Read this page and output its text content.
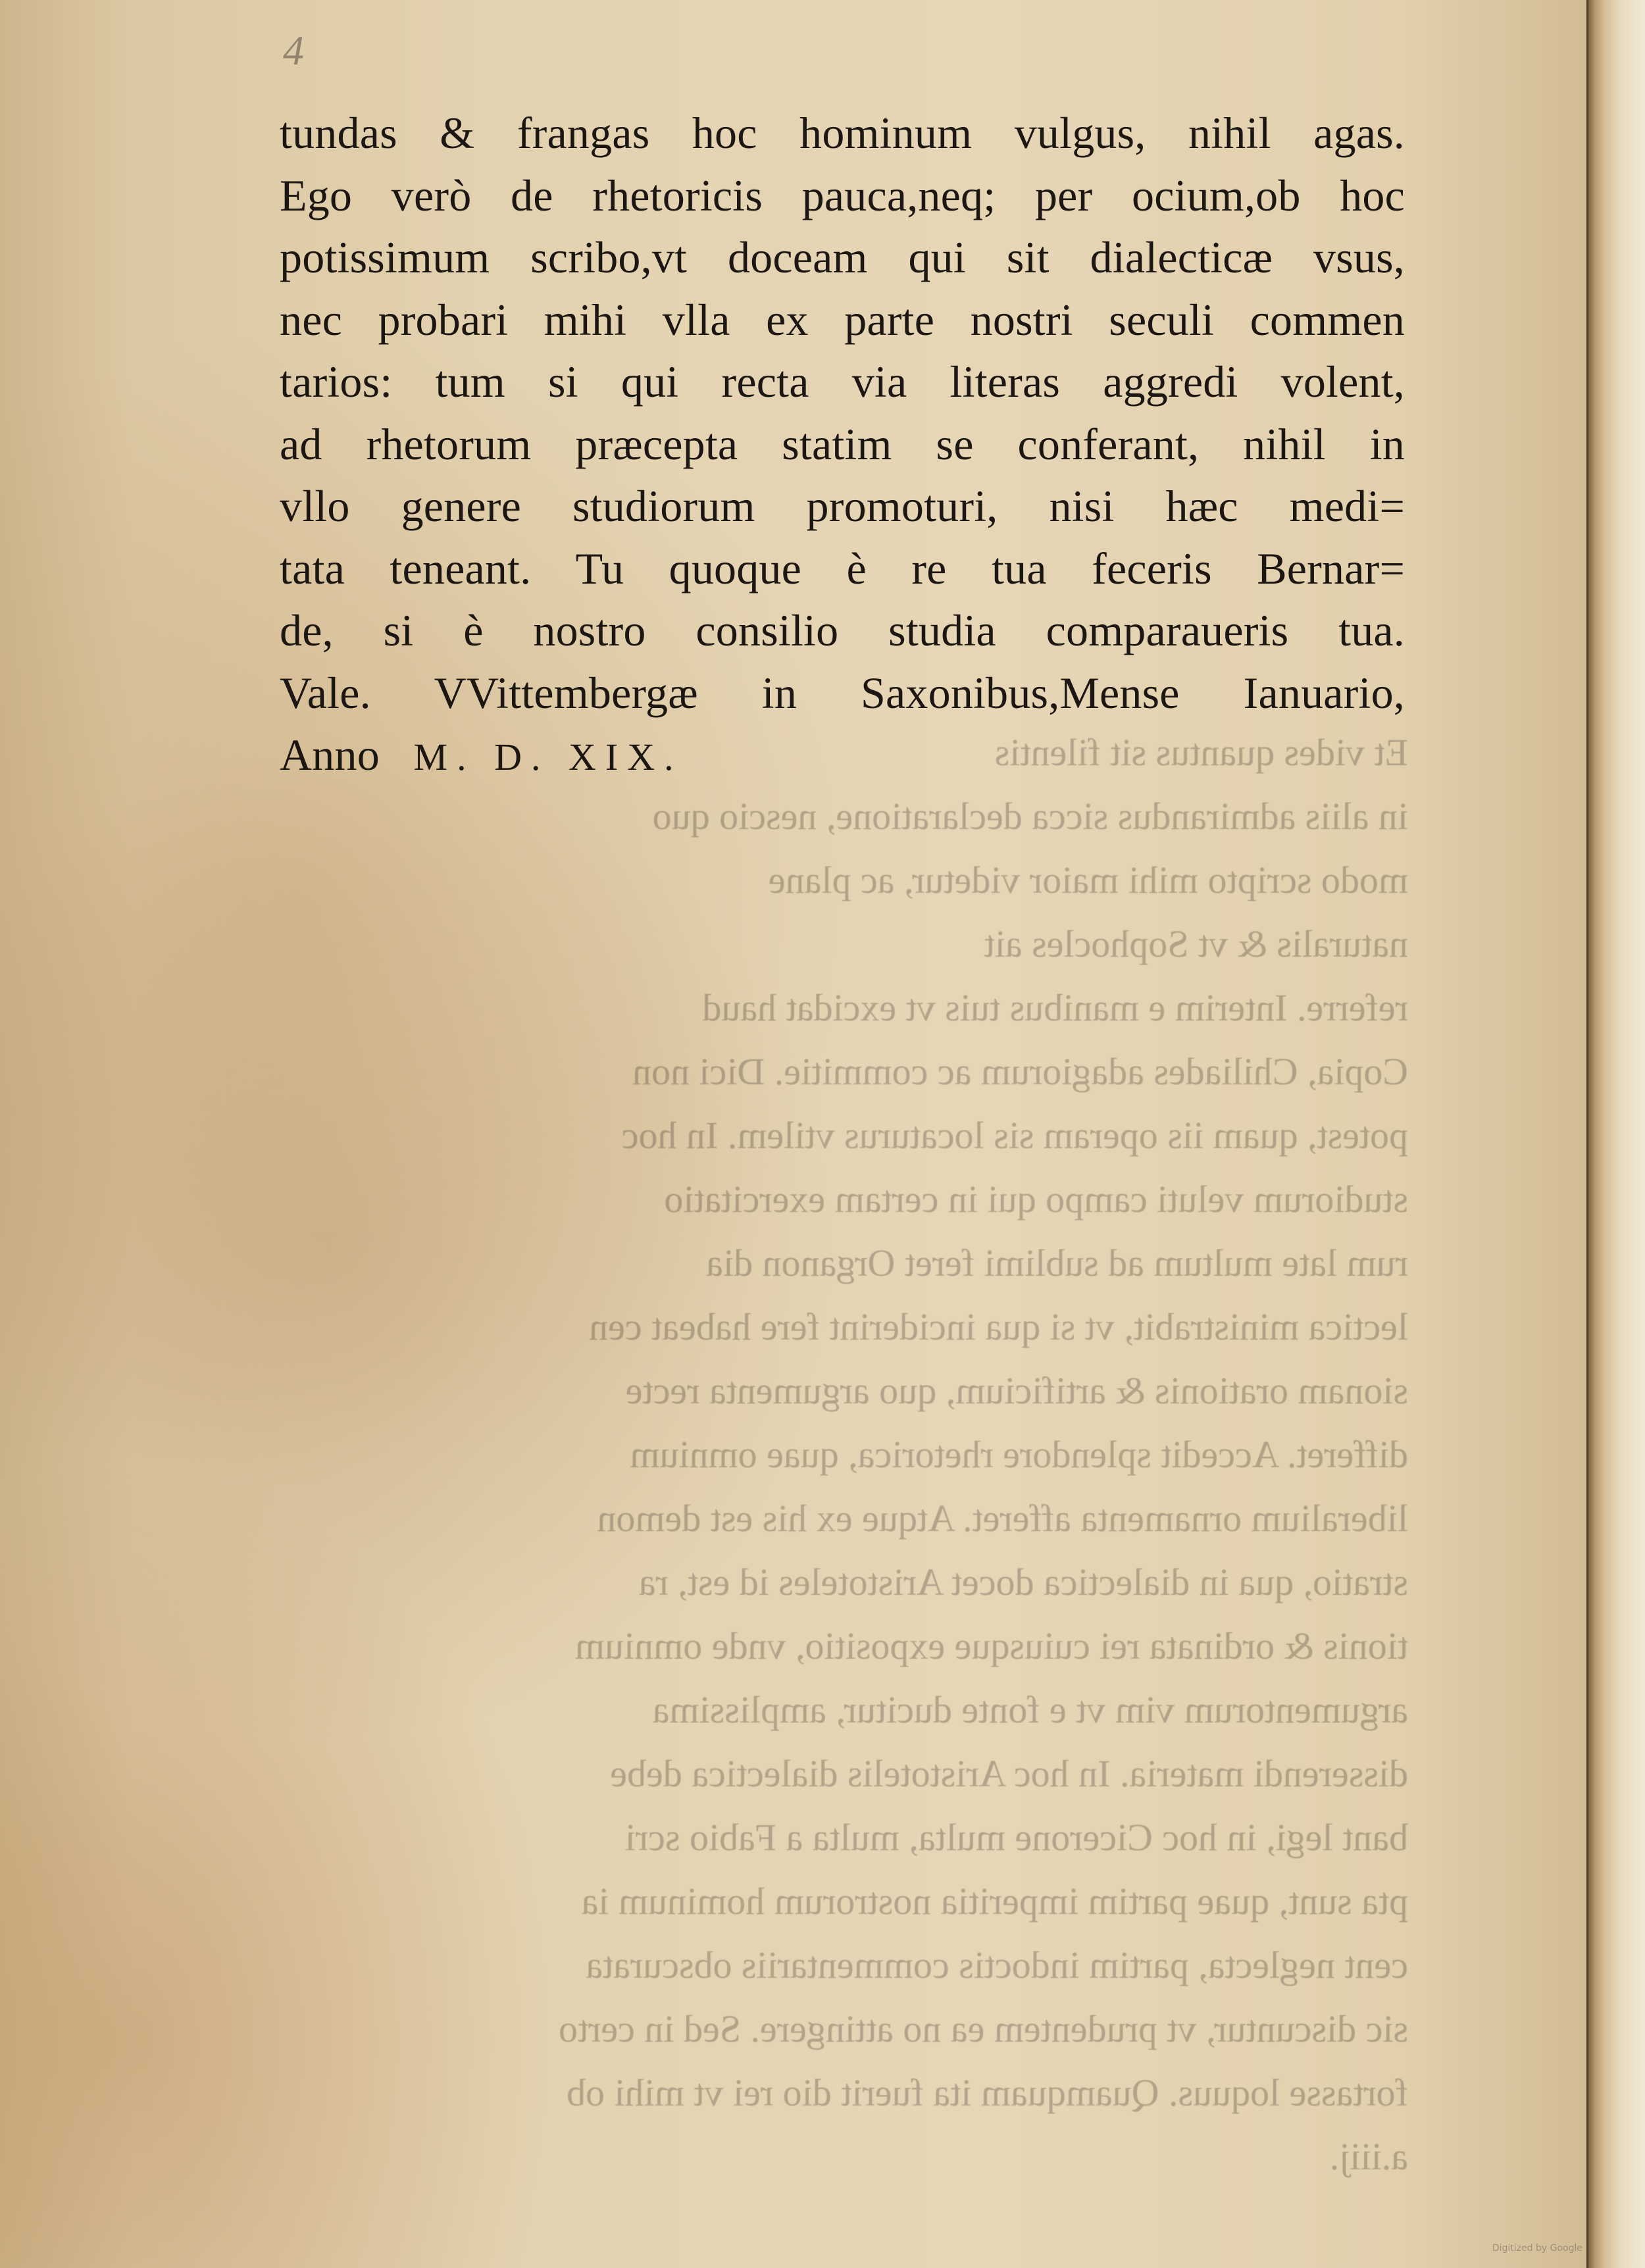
Et vides quantus sit filentis
in aliis admirandus sicca declaratione, nescio quo
modo scripto mihi maior videtur, ac plane
naturalis & vt Sophocles ait
referre. Interim e manibus tuis vt excidat haud
Copia, Chiliades adagiorum ac commitie. Dici non
potest, quam iis operam sis locaturus vtilem. In hoc
studiorum veluti campo qui in certam exercitatio
rum late multum ad sublimi feret Organon dia
lectica ministrabit, vt si qua inciderint fere habeat cen
sionam orationis & artificium, quo argumenta recte
differet. Accedit splendore rhetorica, quae omnium
liberalium ornamenta afferet. Atque ex his est demon
stratio, qua in dialectica docet Aristoteles id est, ra
tionis & ordinata rei cuiusque expositio, vnde omnium
argumentorum vim vt e fonte ducitur, amplissima
disserendi materia. In hoc Aristotelis dialectica debe
bant legi, in hoc Cicerone multa, multa a Fabio scri
pta sunt, quae partim imperitia nostrorum hominum ia
cent neglecta, partim indoctis commentariis obscurata
sic discuntur, vt prudentem ea no attingere. Sed in certo
fortasse loquus. Quamquam ita fuerit dio rei vt mihi ob
a.iiij.
4
tundas & frangas hoc hominum vulgus, nihil agas.
Ego verò de rhetoricis pauca,neq; per ocium,ob hoc
potissimum scribo,vt doceam qui sit dialecticæ vsus,
nec probari mihi vlla ex parte nostri seculi commen
tarios: tum si qui recta via literas aggredi volent,
ad rhetorum præcepta statim se conferant, nihil in
vllo genere studiorum promoturi, nisi hæc medi=
tata teneant. Tu quoque è re tua feceris Bernar=
de, si è nostro consilio studia comparaueris tua.
Vale. VVittembergæ in Saxonibus,Mense Ianuario,
Anno M. D. XIX.
Digitized by Google
